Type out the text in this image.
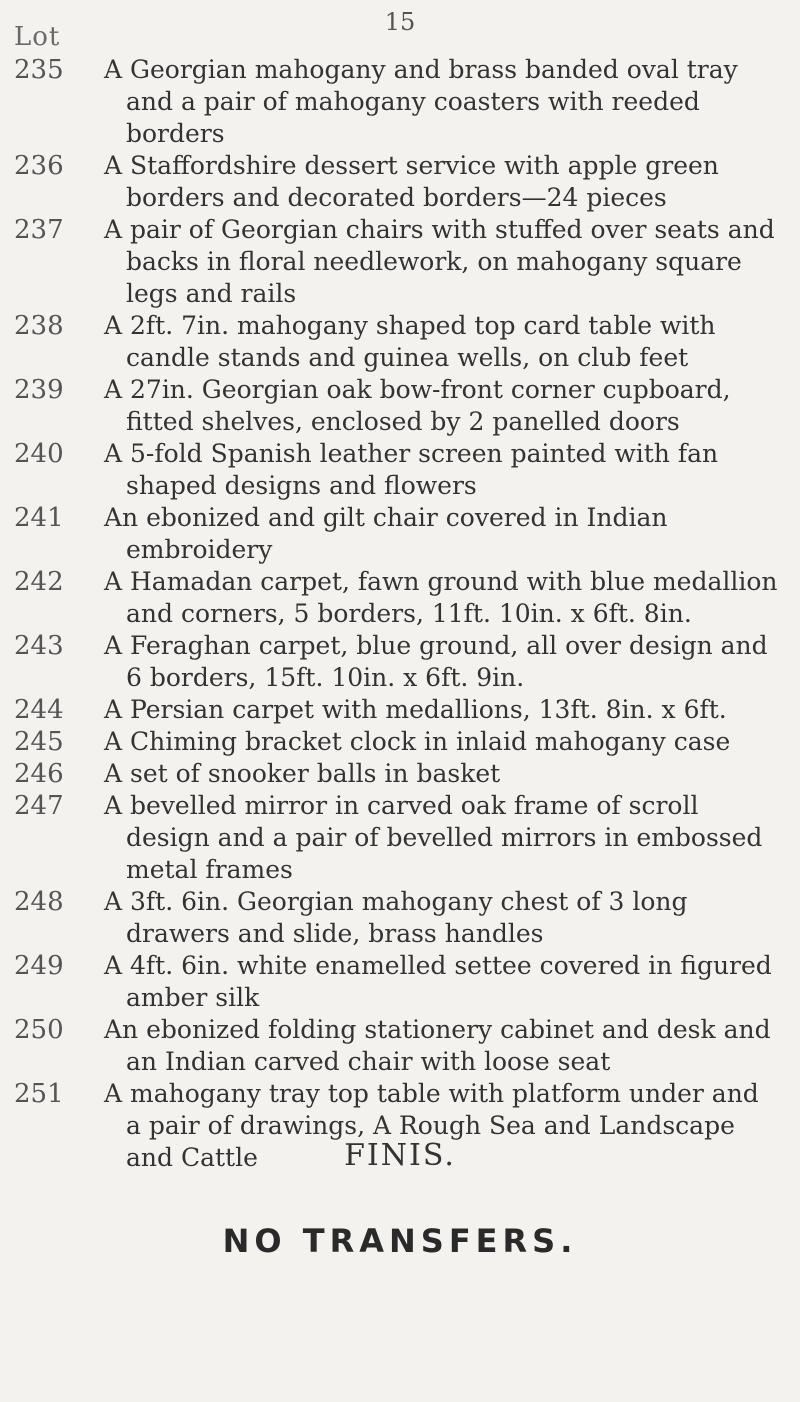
15
Lot
235	A Georgian mahogany and brass banded oval tray and a pair of mahogany coasters with reeded borders
236	A Staffordshire dessert service with apple green borders and decorated borders—24 pieces
237	A pair of Georgian chairs with stuffed over seats and backs in floral needlework, on mahogany square legs and rails
238	A 2ft. 7in. mahogany shaped top card table with candle stands and guinea wells, on club feet
239	A 27in. Georgian oak bow-front corner cupboard, fitted shelves, enclosed by 2 panelled doors
240	A 5-fold Spanish leather screen painted with fan shaped designs and flowers
241	An ebonized and gilt chair covered in Indian embroidery
242	A Hamadan carpet, fawn ground with blue medallion and corners, 5 borders, 11ft. 10in. x 6ft. 8in.
243	A Feraghan carpet, blue ground, all over design and 6 borders, 15ft. 10in. x 6ft. 9in.
244	A Persian carpet with medallions, 13ft. 8in. x 6ft.
245	A Chiming bracket clock in inlaid mahogany case
246	A set of snooker balls in basket
247	A bevelled mirror in carved oak frame of scroll design and a pair of bevelled mirrors in embossed metal frames
248	A 3ft. 6in. Georgian mahogany chest of 3 long drawers and slide, brass handles
249	A 4ft. 6in. white enamelled settee covered in figured amber silk
250	An ebonized folding stationery cabinet and desk and an Indian carved chair with loose seat
251	A mahogany tray top table with platform under and a pair of drawings, A Rough Sea and Landscape and Cattle	FINIS.
NO TRANSFERS.
